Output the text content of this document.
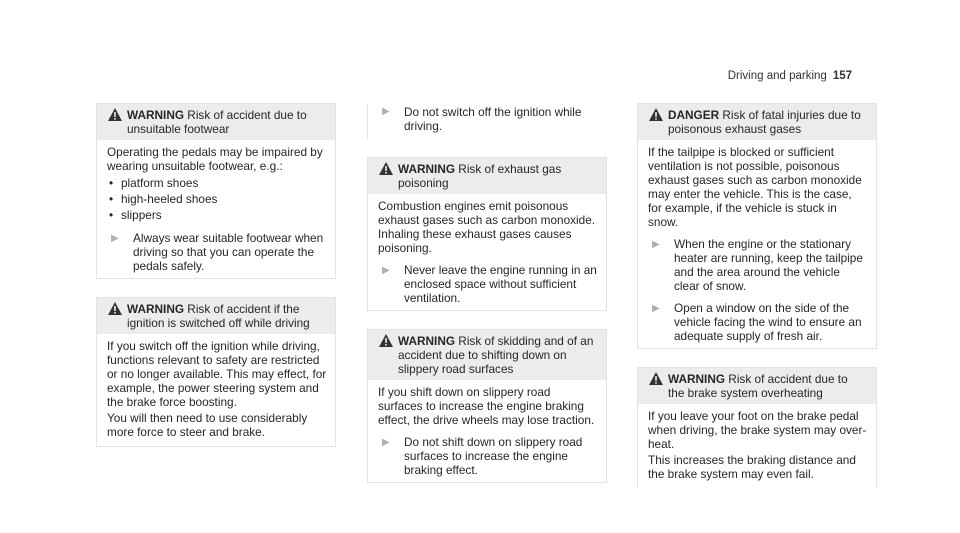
Driving and parking 157
WARNING Risk of accident due to unsuitable footwear

Operating the pedals may be impaired by wearing unsuitable footwear, e.g.:

• platform shoes
• high-heeled shoes
• slippers
▶	Always wear suitable footwear when driving so that you can operate the pedals safely.
WARNING Risk of accident if the ignition is switched off while driving

If you switch off the ignition while driving, functions relevant to safety are restricted or no longer available. This may effect, for example, the power steering system and the brake force boosting.

You will then need to use considerably more force to steer and brake.

▶	Do not switch off the ignition while driving.
WARNING Risk of exhaust gas poisoning

Combustion engines emit poisonous exhaust gases such as carbon monoxide. Inhaling these exhaust gases causes poisoning.

▶	Never leave the engine running in an enclosed space without sufficient ventilation.
WARNING Risk of skidding and of an accident due to shifting down on slippery road surfaces

If you shift down on slippery road surfaces to increase the engine braking effect, the drive wheels may lose traction.

▶	Do not shift down on slippery road surfaces to increase the engine braking effect.
DANGER Risk of fatal injuries due to poisonous exhaust gases

If the tailpipe is blocked or sufficient ventilation is not possible, poisonous exhaust gases such as carbon monoxide may enter the vehicle. This is the case, for example, if the vehicle is stuck in snow.

▶	When the engine or the stationary heater are running, keep the tailpipe and the area around the vehicle clear of snow.
▶	Open a window on the side of the vehicle facing the wind to ensure an adequate supply of fresh air.
WARNING Risk of accident due to the brake system overheating

If you leave your foot on the brake pedal when driving, the brake system may overheat.

This increases the braking distance and the brake system may even fail.
